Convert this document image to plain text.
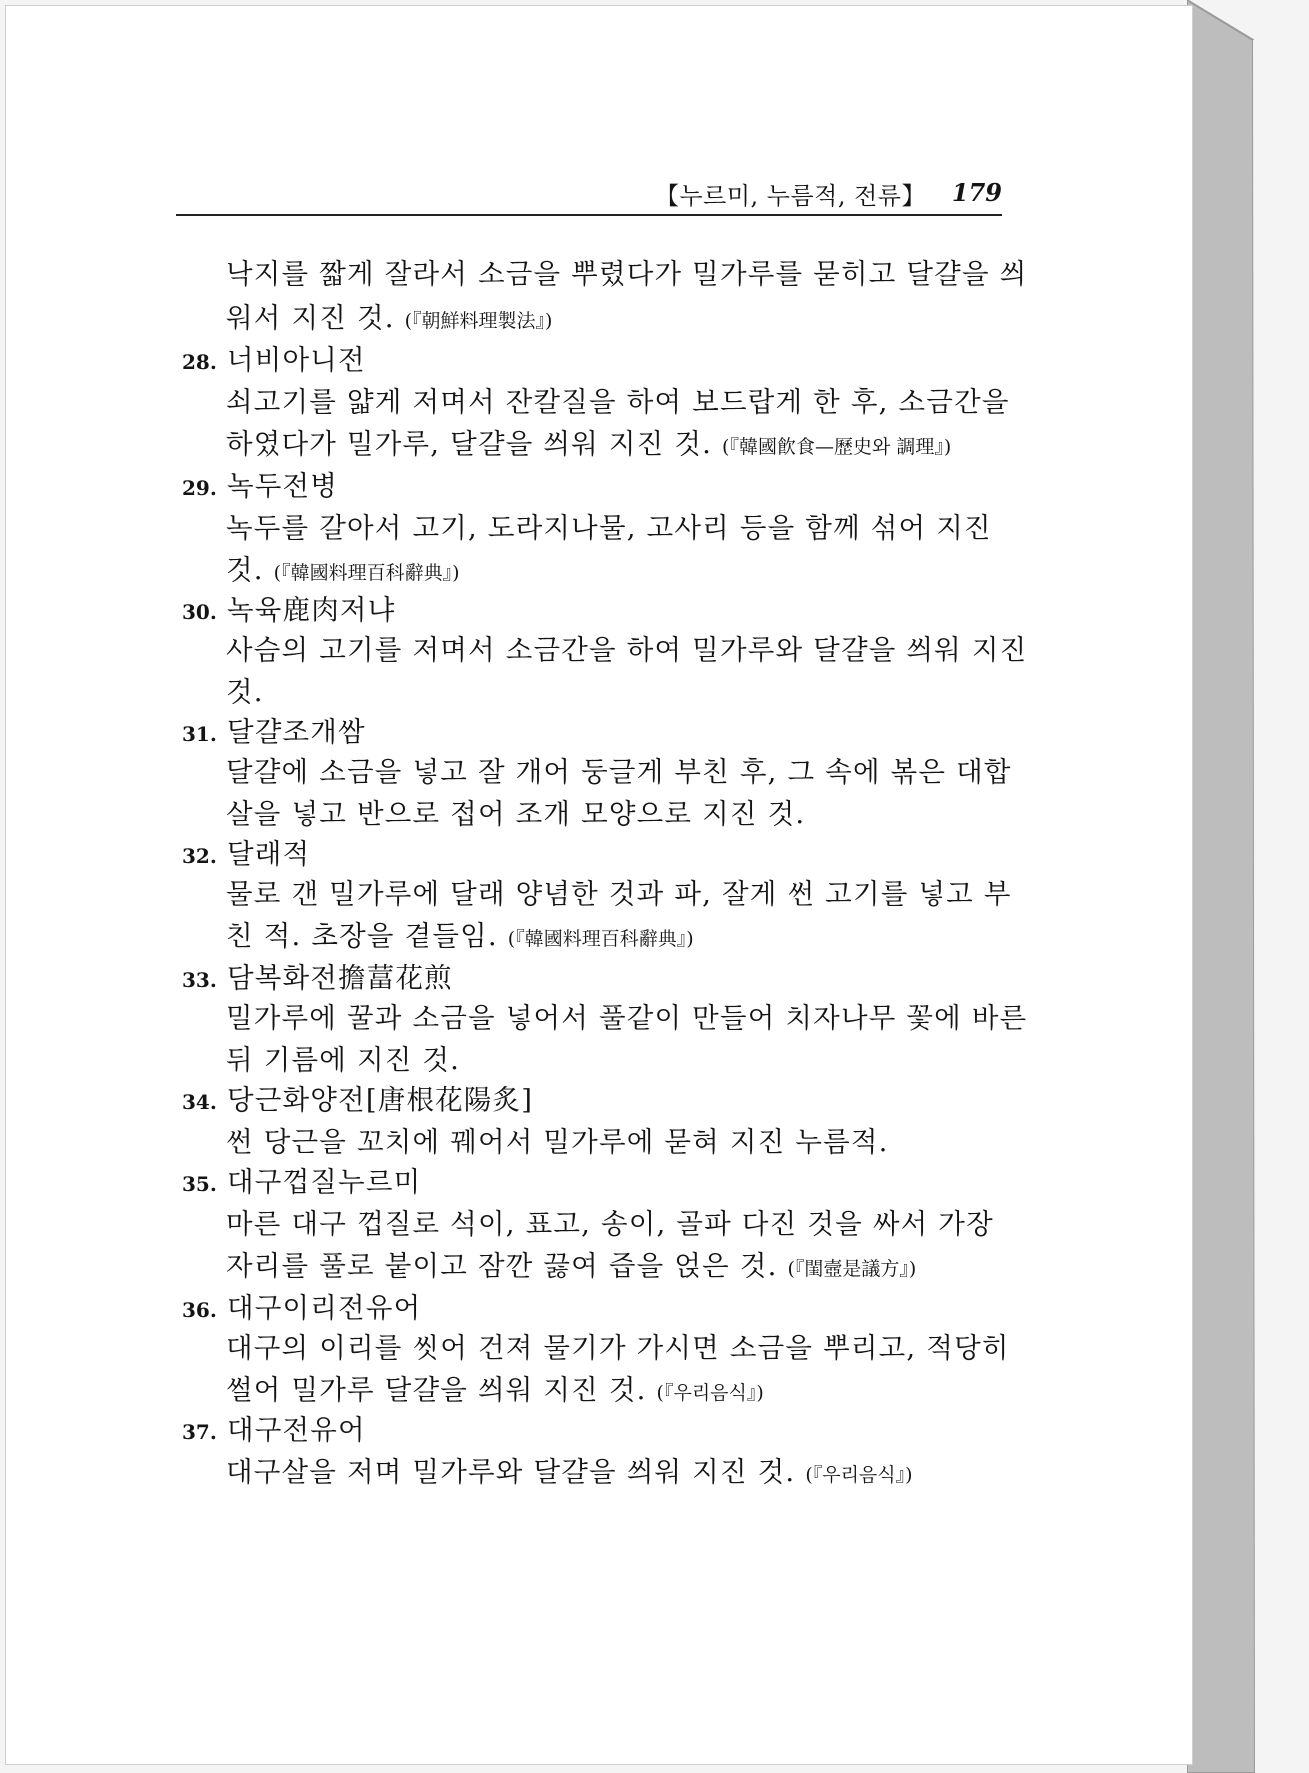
【누르미, 누름적, 전류】 179
낙지를 짧게 잘라서 소금을 뿌렸다가 밀가루를 묻히고 달걀을 씌
워서 지진 것. (『朝鮮料理製法』)
28. 너비아니전
쇠고기를 얇게 저며서 잔칼질을 하여 보드랍게 한 후, 소금간을
하였다가 밀가루, 달걀을 씌워 지진 것. (『韓國飮食—歷史와 調理』)
29. 녹두전병
녹두를 갈아서 고기, 도라지나물, 고사리 등을 함께 섞어 지진
것. (『韓國料理百科辭典』)
30. 녹육鹿肉저냐
사슴의 고기를 저며서 소금간을 하여 밀가루와 달걀을 씌워 지진
것.
31. 달걀조개쌈
달걀에 소금을 넣고 잘 개어 둥글게 부친 후, 그 속에 볶은 대합
살을 넣고 반으로 접어 조개 모양으로 지진 것.
32. 달래적
물로 갠 밀가루에 달래 양념한 것과 파, 잘게 썬 고기를 넣고 부
친 적. 초장을 곁들임. (『韓國料理百科辭典』)
33. 담복화전擔葍花煎
밀가루에 꿀과 소금을 넣어서 풀같이 만들어 치자나무 꽃에 바른
뒤 기름에 지진 것.
34. 당근화양전[唐根花陽炙]
썬 당근을 꼬치에 꿰어서 밀가루에 묻혀 지진 누름적.
35. 대구껍질누르미
마른 대구 껍질로 석이, 표고, 송이, 골파 다진 것을 싸서 가장
자리를 풀로 붙이고 잠깐 끓여 즙을 얹은 것. (『閨壼是議方』)
36. 대구이리전유어
대구의 이리를 씻어 건져 물기가 가시면 소금을 뿌리고, 적당히
썰어 밀가루 달걀을 씌워 지진 것. (『우리음식』)
37. 대구전유어
대구살을 저며 밀가루와 달걀을 씌워 지진 것. (『우리음식』)
